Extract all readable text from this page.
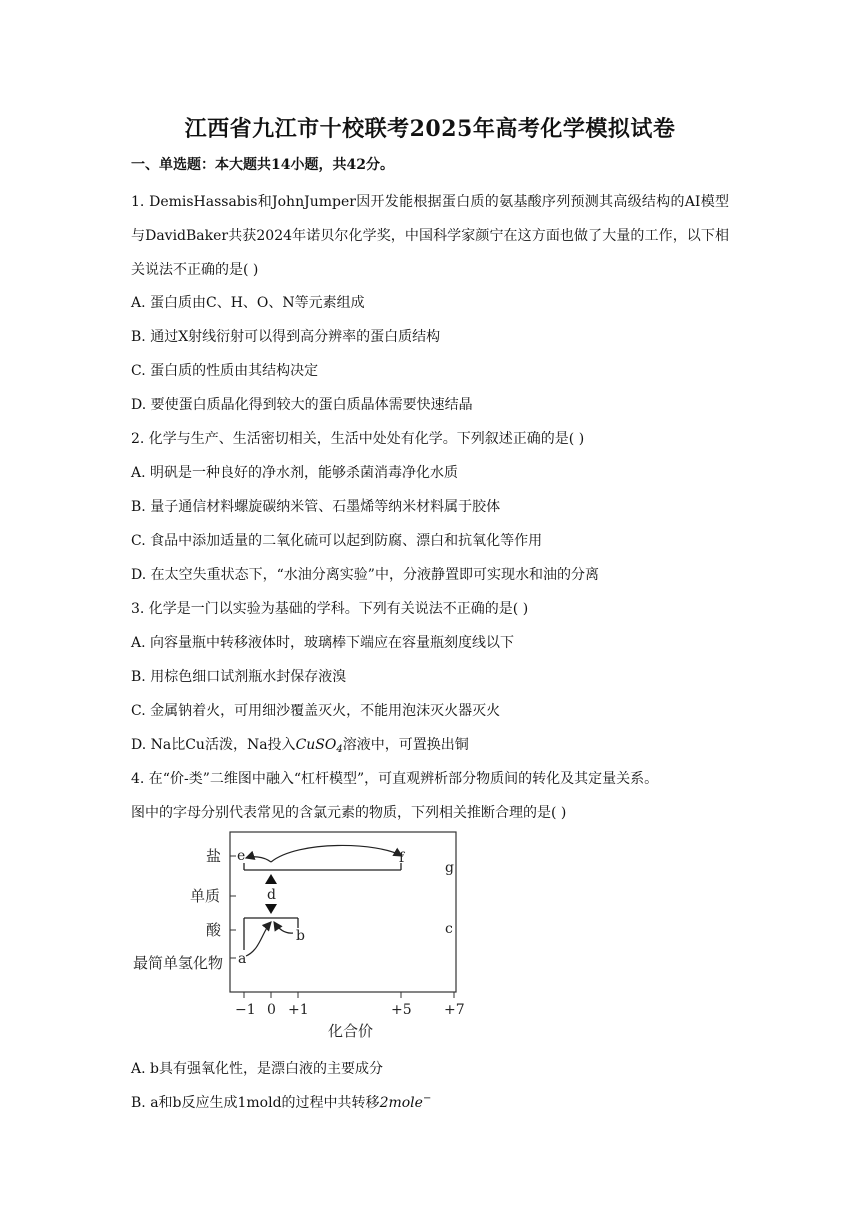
江西省九江市十校联考2025年高考化学模拟试卷
一、单选题：本大题共14小题，共42分。
1. DemisHassabis和JohnJumper因开发能根据蛋白质的氨基酸序列预测其高级结构的AI模型与DavidBaker共获2024年诺贝尔化学奖，中国科学家颜宁在这方面也做了大量的工作，以下相关说法不正确的是( )
A. 蛋白质由C、H、O、N等元素组成
B. 通过X射线衍射可以得到高分辨率的蛋白质结构
C. 蛋白质的性质由其结构决定
D. 要使蛋白质晶化得到较大的蛋白质晶体需要快速结晶
2. 化学与生产、生活密切相关，生活中处处有化学。下列叙述正确的是( )
A. 明矾是一种良好的净水剂，能够杀菌消毒净化水质
B. 量子通信材料螺旋碳纳米管、石墨烯等纳米材料属于胶体
C. 食品中添加适量的二氧化硫可以起到防腐、漂白和抗氧化等作用
D. 在太空失重状态下，“水油分离实验”中，分液静置即可实现水和油的分离
3. 化学是一门以实验为基础的学科。下列有关说法不正确的是( )
A. 向容量瓶中转移液体时，玻璃棒下端应在容量瓶刻度线以下
B. 用棕色细口试剂瓶水封保存液溴
C. 金属钠着火，可用细沙覆盖灭火，不能用泡沫灭火器灭火
D. Na比Cu活泼，Na投入CuSO$_4$溶液中，可置换出铜
4. 在“价-类”二维图中融入“杠杆模型”，可直观辨析部分物质间的转化及其定量关系。
图中的字母分别代表常见的含氯元素的物质，下列相关推断合理的是( )
盐
单质
酸
最简单氢化物
−1 0 +1	+5 +7
化合价
e	f
g
d
a
b	c
A. b具有强氧化性，是漂白液的主要成分
B. a和b反应生成1mold的过程中共转移2mole−
